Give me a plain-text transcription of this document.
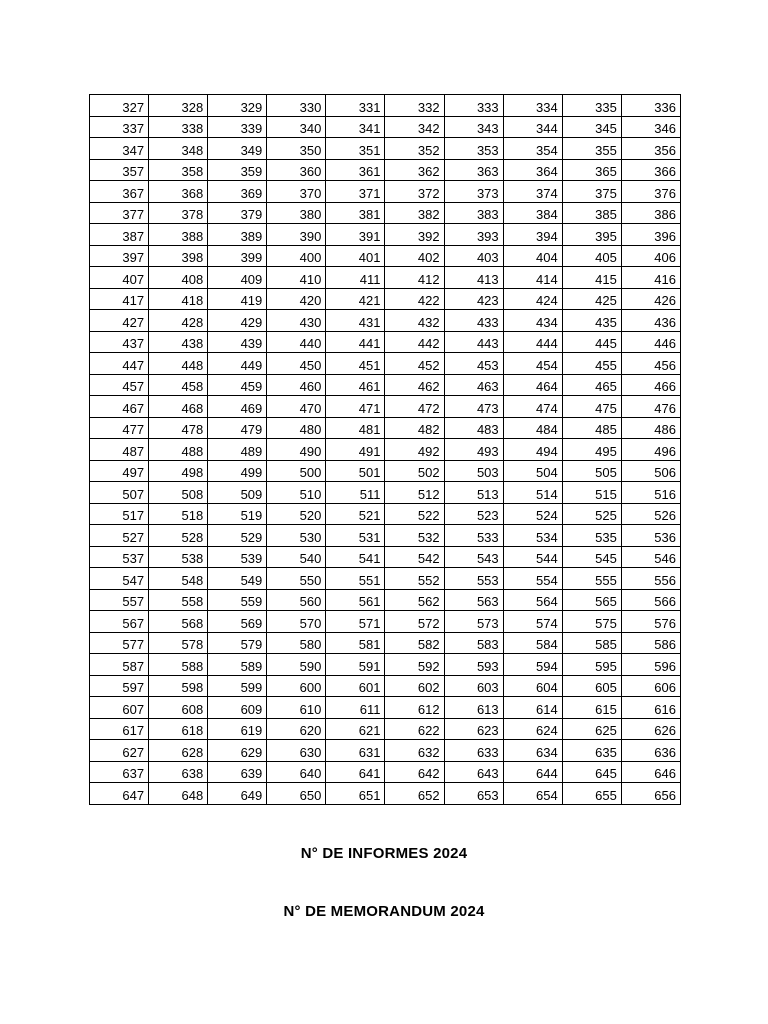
327	328	329	330	331	332	333	334	335	336
337	338	339	340	341	342	343	344	345	346
347	348	349	350	351	352	353	354	355	356
357	358	359	360	361	362	363	364	365	366
367	368	369	370	371	372	373	374	375	376
377	378	379	380	381	382	383	384	385	386
387	388	389	390	391	392	393	394	395	396
397	398	399	400	401	402	403	404	405	406
407	408	409	410	411	412	413	414	415	416
417	418	419	420	421	422	423	424	425	426
427	428	429	430	431	432	433	434	435	436
437	438	439	440	441	442	443	444	445	446
447	448	449	450	451	452	453	454	455	456
457	458	459	460	461	462	463	464	465	466
467	468	469	470	471	472	473	474	475	476
477	478	479	480	481	482	483	484	485	486
487	488	489	490	491	492	493	494	495	496
497	498	499	500	501	502	503	504	505	506
507	508	509	510	511	512	513	514	515	516
517	518	519	520	521	522	523	524	525	526
527	528	529	530	531	532	533	534	535	536
537	538	539	540	541	542	543	544	545	546
547	548	549	550	551	552	553	554	555	556
557	558	559	560	561	562	563	564	565	566
567	568	569	570	571	572	573	574	575	576
577	578	579	580	581	582	583	584	585	586
587	588	589	590	591	592	593	594	595	596
597	598	599	600	601	602	603	604	605	606
607	608	609	610	611	612	613	614	615	616
617	618	619	620	621	622	623	624	625	626
627	628	629	630	631	632	633	634	635	636
637	638	639	640	641	642	643	644	645	646
647	648	649	650	651	652	653	654	655	656
N° DE INFORMES 2024
N° DE MEMORANDUM 2024
